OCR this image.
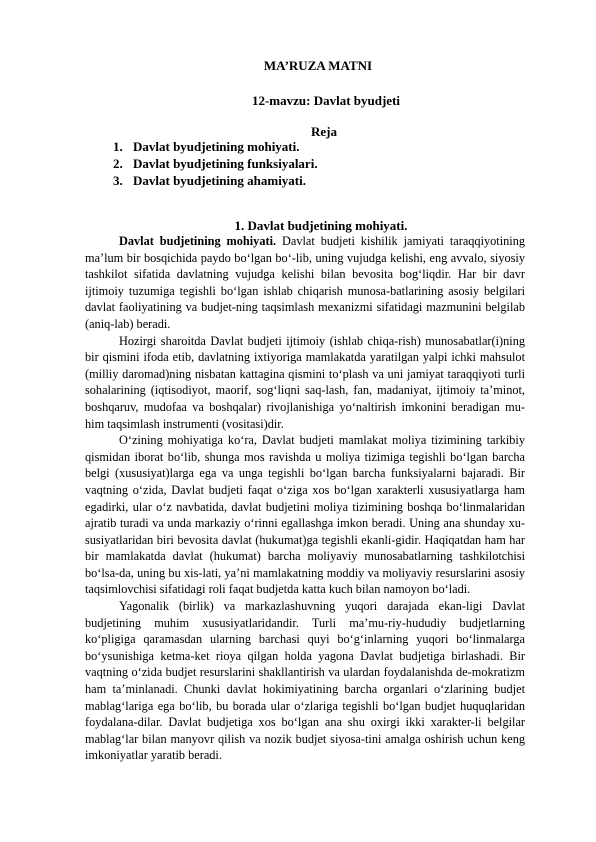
MA’RUZA MATNI
12-mavzu: Davlat byudjeti
Reja
1. Davlat byudjetining mohiyati.
2. Davlat byudjetining funksiyalari.
3. Davlat byudjetining ahamiyati.
1. Davlat budjetining mohiyati.

Davlat budjetining mohiyati. Davlat budjeti kishilik jamiyati taraqqiyotining ma’lum bir bosqichida paydo bo‘lgan bo‘-lib, uning vujudga kelishi, eng avvalo, siyosiy tashkilot sifatida davlatning vujudga kelishi bilan bevosita bog‘liqdir. Har bir davr ijtimoiy tuzumiga tegishli bo‘lgan ishlab chiqarish munosa-batlarining asosiy belgilari davlat faoliyatining va budjet-ning taqsimlash mexanizmi sifatidagi mazmunini belgilab (aniq-lab) beradi.

Hozirgi sharoitda Davlat budjeti ijtimoiy (ishlab chiqa-rish) munosabatlar(i)ning bir qismini ifoda etib, davlatning ixtiyoriga mamlakatda yaratilgan yalpi ichki mahsulot (milliy daromad)ning nisbatan kattagina qismini to‘plash va uni jamiyat taraqqiyoti turli sohalarining (iqtisodiyot, maorif, sog‘liqni saq-lash, fan, madaniyat, ijtimoiy ta’minot, boshqaruv, mudofaa va boshqalar) rivojlanishiga yo‘naltirish imkonini beradigan mu-him taqsimlash instrumenti (vositasi)dir.

O‘zining mohiyatiga ko‘ra, Davlat budjeti mamlakat moliya tizimining tarkibiy qismidan iborat bo‘lib, shunga mos ravishda u moliya tizimiga tegishli bo‘lgan barcha belgi (xususiyat)larga ega va unga tegishli bo‘lgan barcha funksiyalarni bajaradi. Bir vaqtning o‘zida, Davlat budjeti faqat o‘ziga xos bo‘lgan xarakterli xususiyatlarga ham egadirki, ular o‘z navbatida, davlat budjetini moliya tizimining boshqa bo‘linmalaridan ajratib turadi va unda markaziy o‘rinni egallashga imkon beradi. Uning ana shunday xu-susiyatlaridan biri bevosita davlat (hukumat)ga tegishli ekanli-gidir. Haqiqatdan ham har bir mamlakatda davlat (hukumat) barcha moliyaviy munosabatlarning tashkilotchisi bo‘lsa-da, uning bu xis-lati, ya’ni mamlakatning moddiy va moliyaviy resurslarini asosiy taqsimlovchisi sifatidagi roli faqat budjetda katta kuch bilan namoyon bo‘ladi.

Yagonalik (birlik) va markazlashuvning yuqori darajada ekan-ligi Davlat budjetining muhim xususiyatlaridandir. Turli ma’mu-riy-hududiy budjetlarning ko‘pligiga qaramasdan ularning barchasi quyi bo‘g‘inlarning yuqori bo‘linmalarga bo‘ysunishiga ketma-ket rioya qilgan holda yagona Davlat budjetiga birlashadi. Bir vaqtning o‘zida budjet resurslarini shakllantirish va ulardan foydalanishda de-mokratizm ham ta’minlanadi. Chunki davlat hokimiyatining barcha organlari o‘zlarining budjet mablag‘lariga ega bo‘lib, bu borada ular o‘zlariga tegishli bo‘lgan budjet huquqlaridan foydalana-dilar. Davlat budjetiga xos bo‘lgan ana shu oxirgi ikki xarakter-li belgilar mablag‘lar bilan manyovr qilish va nozik budjet siyosa-tini amalga oshirish uchun keng imkoniyatlar yaratib beradi.
